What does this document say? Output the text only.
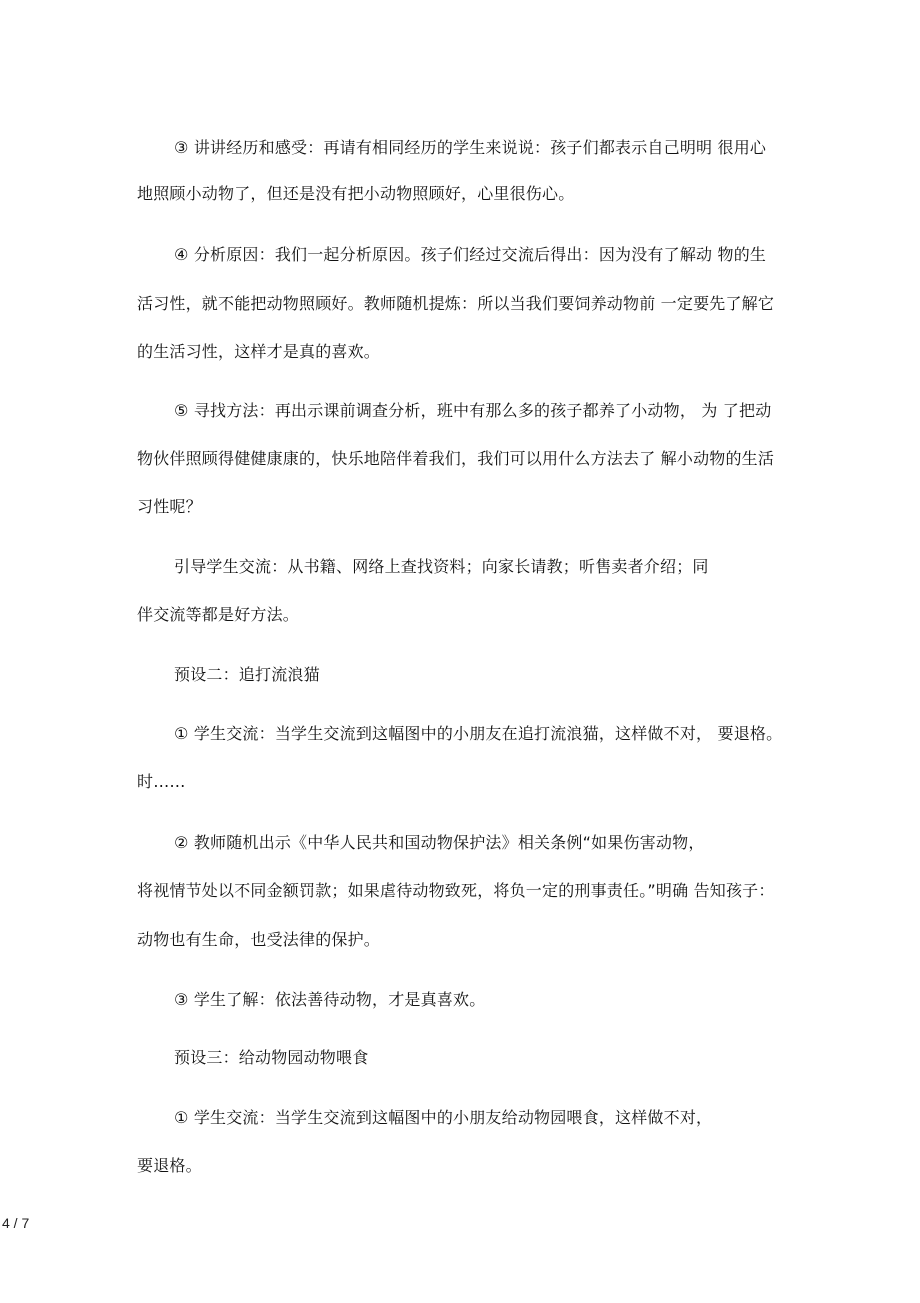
③ 讲讲经历和感受：再请有相同经历的学生来说说：孩子们都表示自己明明 很用心
地照顾小动物了，但还是没有把小动物照顾好，心里很伤心。
④ 分析原因：我们一起分析原因。孩子们经过交流后得出：因为没有了解动 物的生
活习性，就不能把动物照顾好。教师随机提炼：所以当我们要饲养动物前 一定要先了解它
的生活习性，这样才是真的喜欢。
⑤ 寻找方法：再出示课前调查分析，班中有那么多的孩子都养了小动物， 为 了把动
物伙伴照顾得健健康康的，快乐地陪伴着我们，我们可以用什么方法去了 解小动物的生活
习性呢？
引导学生交流：从书籍、网络上查找资料；向家长请教；听售卖者介绍；同
伴交流等都是好方法。
预设二：追打流浪猫
① 学生交流：当学生交流到这幅图中的小朋友在追打流浪猫，这样做不对， 要退格。
时……
② 教师随机出示《中华人民共和国动物保护法》相关条例“如果伤害动物，
将视情节处以不同金额罚款；如果虐待动物致死，将负一定的刑事责任。”明确 告知孩子：
动物也有生命，也受法律的保护。
③ 学生了解：依法善待动物，才是真喜欢。
预设三：给动物园动物喂食
① 学生交流：当学生交流到这幅图中的小朋友给动物园喂食，这样做不对，
要退格。
4 / 7
